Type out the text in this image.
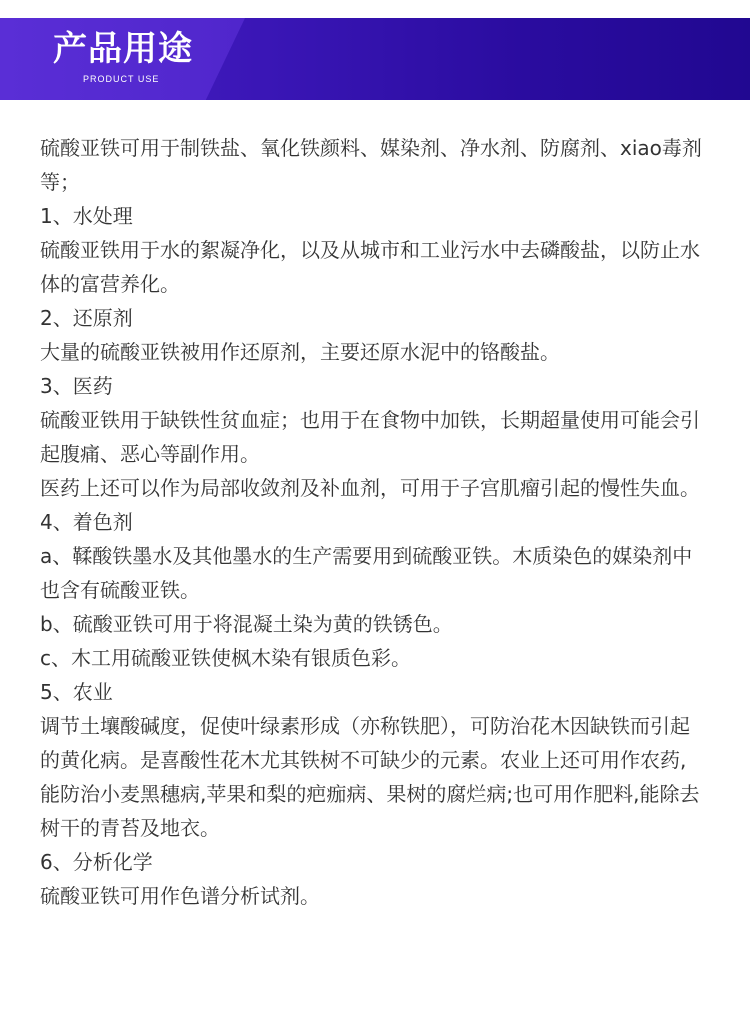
产品用途
PRODUCT USE

硫酸亚铁可用于制铁盐、氧化铁颜料、媒染剂、净水剂、防腐剂、xiao毒剂

等；

1、水处理

硫酸亚铁用于水的絮凝净化，以及从城市和工业污水中去磷酸盐，以防止水

体的富营养化。

2、还原剂

大量的硫酸亚铁被用作还原剂，主要还原水泥中的铬酸盐。

3、医药

硫酸亚铁用于缺铁性贫血症；也用于在食物中加铁，长期超量使用可能会引

起腹痛、恶心等副作用。

医药上还可以作为局部收敛剂及补血剂，可用于子宫肌瘤引起的慢性失血。

4、着色剂

a、鞣酸铁墨水及其他墨水的生产需要用到硫酸亚铁。木质染色的媒染剂中

也含有硫酸亚铁。

b、硫酸亚铁可用于将混凝土染为黄的铁锈色。

c、木工用硫酸亚铁使枫木染有银质色彩。

5、农业

调节土壤酸碱度，促使叶绿素形成（亦称铁肥），可防治花木因缺铁而引起

的黄化病。是喜酸性花木尤其铁树不可缺少的元素。农业上还可用作农药,

能防治小麦黑穗病,苹果和梨的疤痂病、果树的腐烂病;也可用作肥料,能除去

树干的青苔及地衣。

6、分析化学

硫酸亚铁可用作色谱分析试剂。
